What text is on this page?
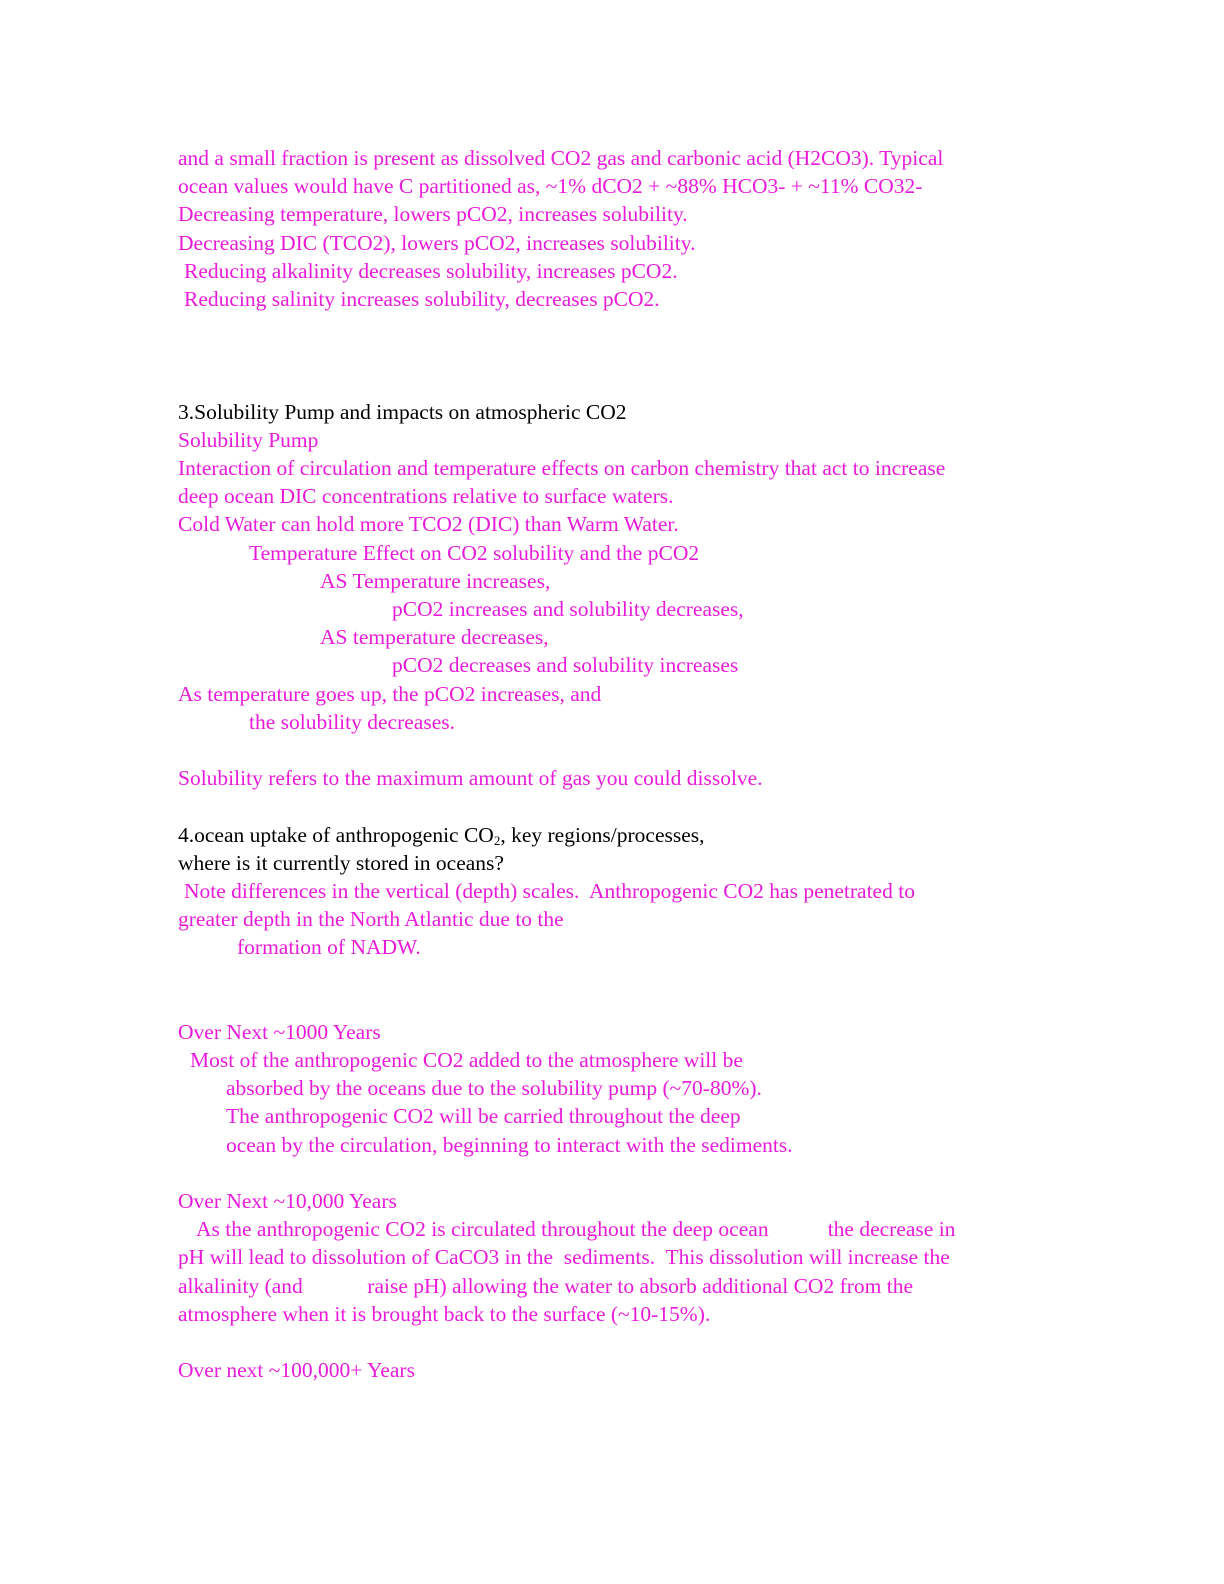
and a small fraction is present as dissolved CO2 gas and carbonic acid (H2CO3). Typical
ocean values would have C partitioned as, ~1% dCO2 + ~88% HCO3- + ~11% CO32-
Decreasing temperature, lowers pCO2, increases solubility.
Decreasing DIC (TCO2), lowers pCO2, increases solubility.
Reducing alkalinity decreases solubility, increases pCO2.
Reducing salinity increases solubility, decreases pCO2.
3.Solubility Pump and impacts on atmospheric CO2
Solubility Pump
Interaction of circulation and temperature effects on carbon chemistry that act to increase
deep ocean DIC concentrations relative to surface waters.
Cold Water can hold more TCO2 (DIC) than Warm Water.
Temperature Effect on CO2 solubility and the pCO2
AS Temperature increases,
pCO2 increases and solubility decreases,
AS temperature decreases,
pCO2 decreases and solubility increases
As temperature goes up, the pCO2 increases, and
the solubility decreases.
Solubility refers to the maximum amount of gas you could dissolve.
4.ocean uptake of anthropogenic $CO_2$, key regions/processes,
where is it currently stored in oceans?
Note differences in the vertical (depth) scales.  Anthropogenic CO2 has penetrated to
greater depth in the North Atlantic due to the
formation of NADW.
Over Next ~1000 Years
Most of the anthropogenic CO2 added to the atmosphere will be
absorbed by the oceans due to the solubility pump (~70-80%).
The anthropogenic CO2 will be carried throughout the deep
ocean by the circulation, beginning to interact with the sediments.
Over Next ~10,000 Years
As the anthropogenic CO2 is circulated throughout the deep ocean           the decrease in
pH will lead to dissolution of CaCO3 in the  sediments.  This dissolution will increase the
alkalinity (and            raise pH) allowing the water to absorb additional CO2 from the
atmosphere when it is brought back to the surface (~10-15%).
Over next ~100,000+ Years
